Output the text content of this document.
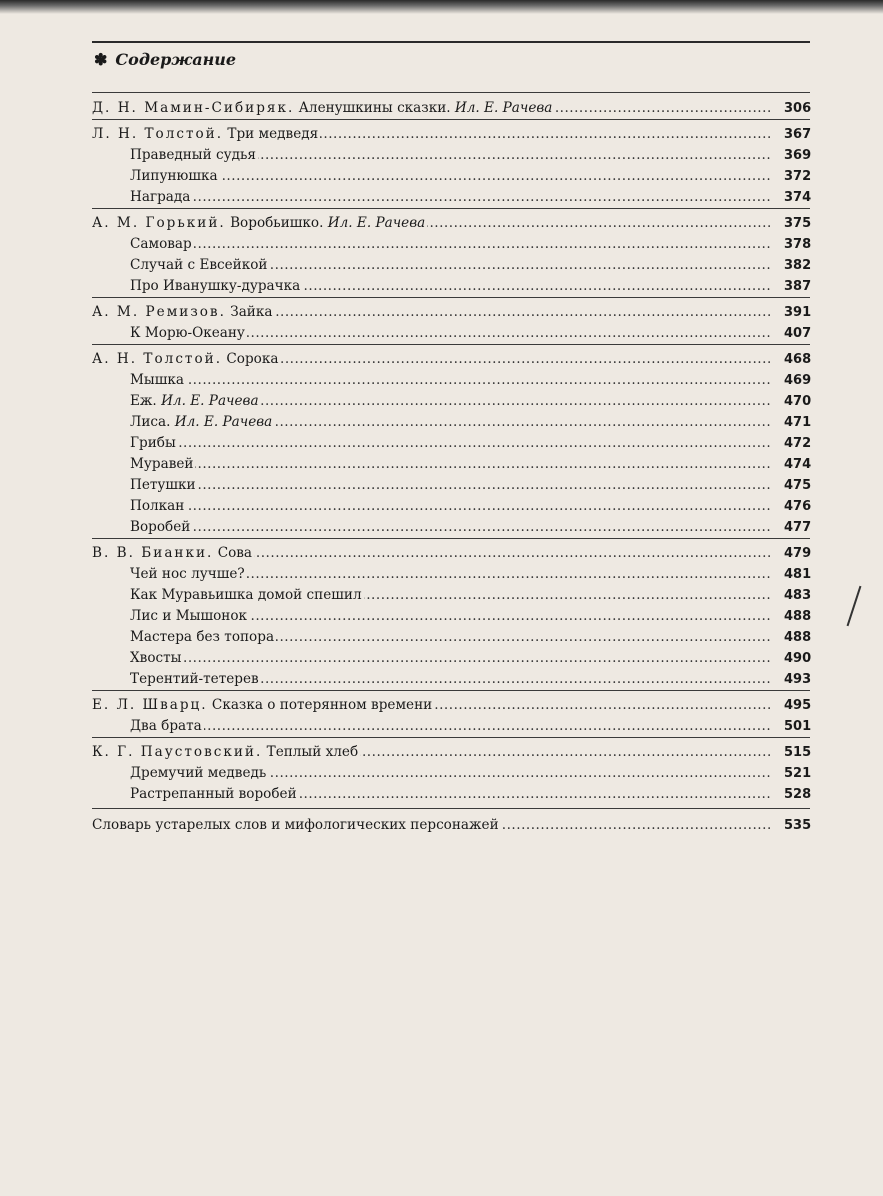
✽ Содержание
.....
Д. Н. Мамин-Сибиряк. Аленушкины сказки. Ил. Е. Рачева	306
.....
Л. Н. Толстой. Три медведя	367
.....
Праведный судья	369
.....
Липунюшка	372
.....
Награда	374
.....
А. М. Горький. Воробьишко. Ил. Е. Рачева	375
.....
Самовар	378
.....
Случай с Евсейкой	382
.....
Про Иванушку-дурачка	387
.....
А. М. Ремизов. Зайка	391
.....
К Морю-Океану	407
.....
А. Н. Толстой. Сорока	468
.....
Мышка	469
.....
Еж. Ил. Е. Рачева	470
.....
Лиса. Ил. Е. Рачева	471
.....
Грибы	472
.....
Муравей	474
.....
Петушки	475
.....
Полкан	476
.....
Воробей	477
.....
В. В. Бианки. Сова	479
.....
Чей нос лучше?	481
.....
Как Муравьишка домой спешил	483
.....
Лис и Мышонок	488
.....
Мастера без топора	488
.....
Хвосты	490
.....
Терентий-тетерев	493
.....
Е. Л. Шварц. Сказка о потерянном времени	495
.....
Два брата	501
.....
К. Г. Паустовский. Теплый хлеб	515
.....
Дремучий медведь	521
.....
Растрепанный воробей	528
.....
Словарь устарелых слов и мифологических персонажей	535
